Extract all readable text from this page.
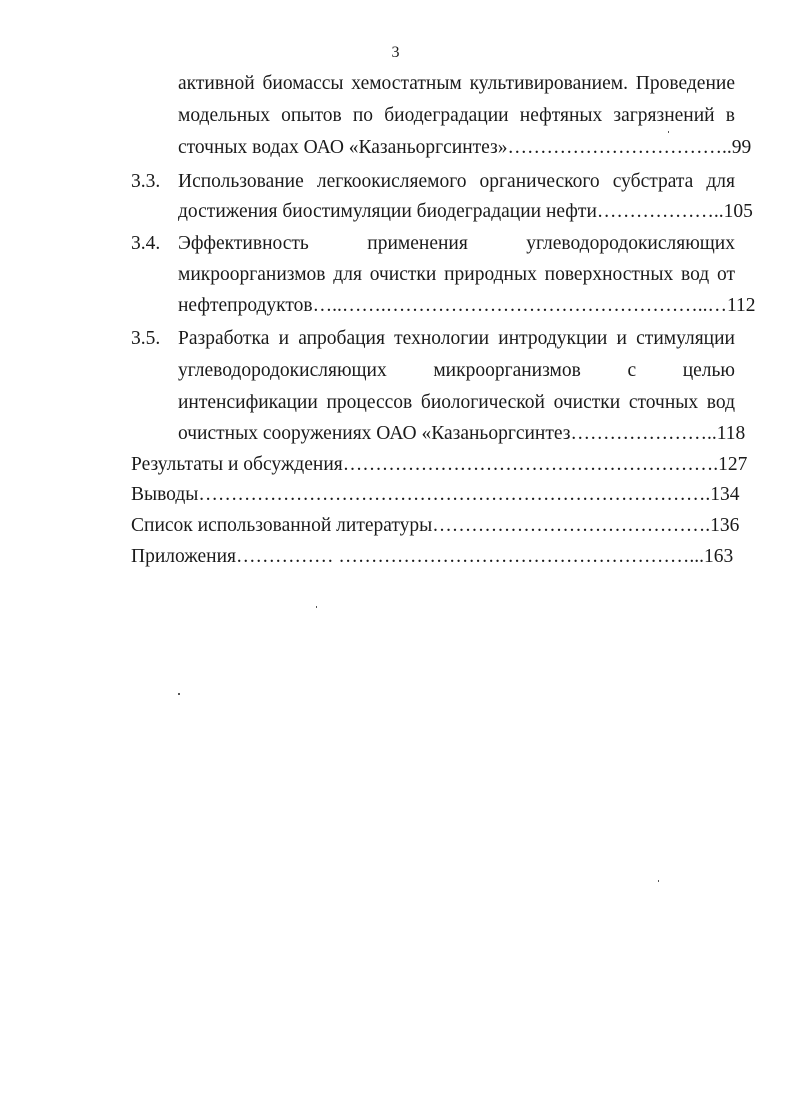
3
активной биомассы хемостатным культивированием. Проведение
модельных опытов по биодеградации нефтяных загрязнений в
сточных водах ОАО «Казаньоргсинтез»……………………………..99
3.3. Использование легкоокисляемого органического субстрата для
достижения биостимуляции биодеградации нефти………………..105
3.4. Эффективность применения углеводородокисляющих
микроорганизмов для очистки природных поверхностных вод от
нефтепродуктов…..…….…………………………………………..…112
3.5. Разработка и апробация технологии интродукции и стимуляции
углеводородокисляющих микроорганизмов с целью
интенсификации процессов биологической очистки сточных вод
очистных сооружениях ОАО «Казаньоргсинтез…………………..118
Результаты и обсуждения………………………………………………….127
Выводы…………………………………………………………………….134
Список использованной литературы…………………………………….136
Приложения…………… ………………………………………………...163
